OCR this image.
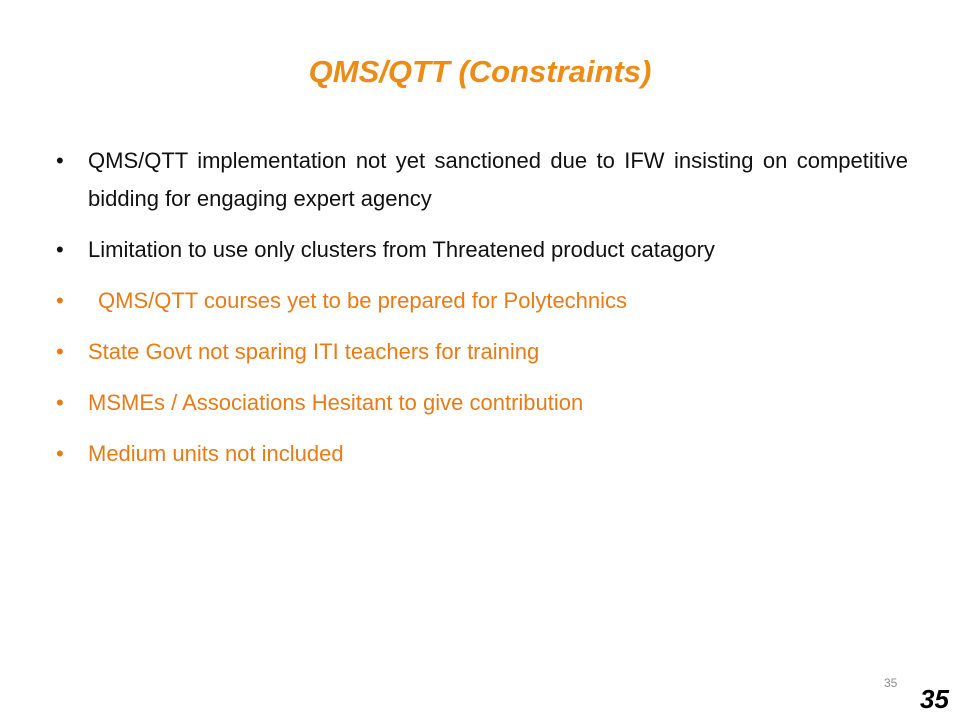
QMS/QTT (Constraints)
•	QMS/QTT implementation not yet sanctioned due to IFW insisting on competitive bidding for engaging expert agency
•	Limitation to use only clusters from Threatened product catagory
•	QMS/QTT courses yet to be prepared for Polytechnics
•	State Govt not sparing ITI teachers for training
•	MSMEs / Associations Hesitant to give contribution
•	Medium units not included
35
35
